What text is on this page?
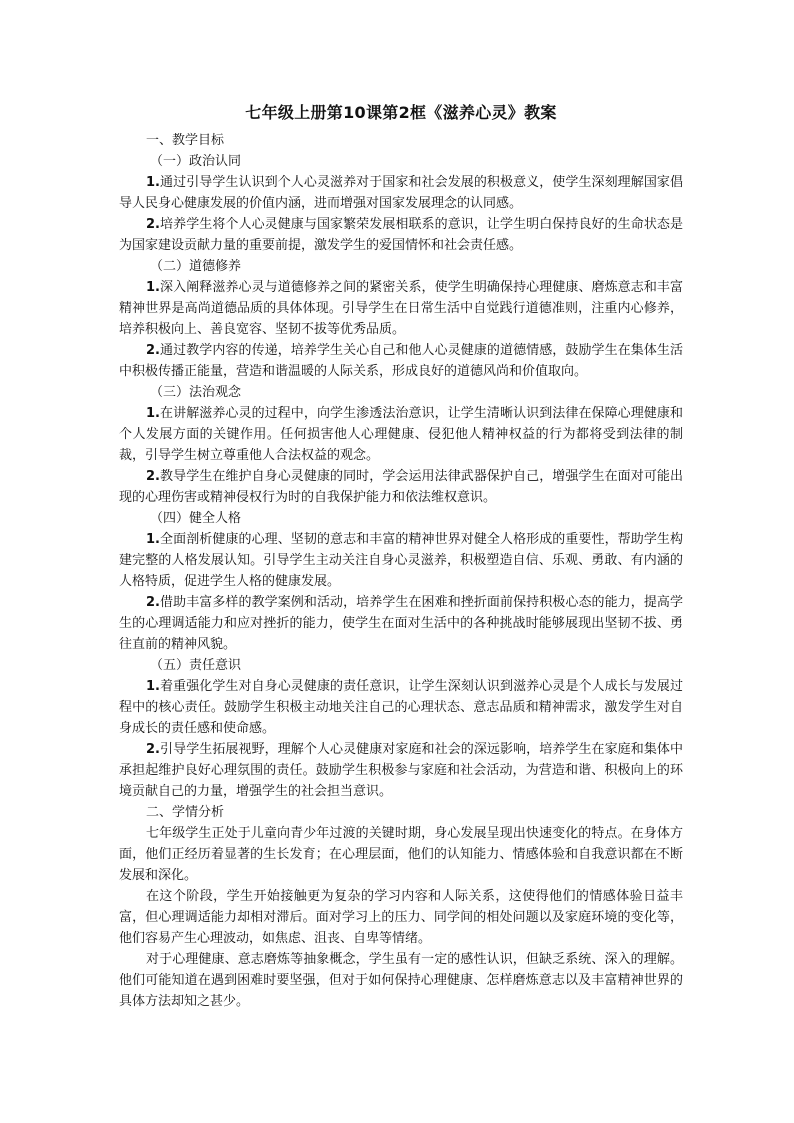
七年级上册第10课第2框《滋养心灵》教案
一、教学目标
（一）政治认同

1.通过引导学生认识到个人心灵滋养对于国家和社会发展的积极意义，使学生深刻理解国家倡导人民身心健康发展的价值内涵，进而增强对国家发展理念的认同感。

2.培养学生将个人心灵健康与国家繁荣发展相联系的意识，让学生明白保持良好的生命状态是为国家建设贡献力量的重要前提，激发学生的爱国情怀和社会责任感。

（二）道德修养

1.深入阐释滋养心灵与道德修养之间的紧密关系，使学生明确保持心理健康、磨炼意志和丰富精神世界是高尚道德品质的具体体现。引导学生在日常生活中自觉践行道德准则，注重内心修养，培养积极向上、善良宽容、坚韧不拔等优秀品质。

2.通过教学内容的传递，培养学生关心自己和他人心灵健康的道德情感，鼓励学生在集体生活中积极传播正能量，营造和谐温暖的人际关系，形成良好的道德风尚和价值取向。

（三）法治观念

1.在讲解滋养心灵的过程中，向学生渗透法治意识，让学生清晰认识到法律在保障心理健康和个人发展方面的关键作用。任何损害他人心理健康、侵犯他人精神权益的行为都将受到法律的制裁，引导学生树立尊重他人合法权益的观念。

2.教导学生在维护自身心灵健康的同时，学会运用法律武器保护自己，增强学生在面对可能出现的心理伤害或精神侵权行为时的自我保护能力和依法维权意识。

（四）健全人格

1.全面剖析健康的心理、坚韧的意志和丰富的精神世界对健全人格形成的重要性，帮助学生构建完整的人格发展认知。引导学生主动关注自身心灵滋养，积极塑造自信、乐观、勇敢、有内涵的人格特质，促进学生人格的健康发展。

2.借助丰富多样的教学案例和活动，培养学生在困难和挫折面前保持积极心态的能力，提高学生的心理调适能力和应对挫折的能力，使学生在面对生活中的各种挑战时能够展现出坚韧不拔、勇往直前的精神风貌。

（五）责任意识

1.着重强化学生对自身心灵健康的责任意识，让学生深刻认识到滋养心灵是个人成长与发展过程中的核心责任。鼓励学生积极主动地关注自己的心理状态、意志品质和精神需求，激发学生对自身成长的责任感和使命感。

2.引导学生拓展视野，理解个人心灵健康对家庭和社会的深远影响，培养学生在家庭和集体中承担起维护良好心理氛围的责任。鼓励学生积极参与家庭和社会活动，为营造和谐、积极向上的环境贡献自己的力量，增强学生的社会担当意识。

二、学情分析

七年级学生正处于儿童向青少年过渡的关键时期，身心发展呈现出快速变化的特点。在身体方面，他们正经历着显著的生长发育；在心理层面，他们的认知能力、情感体验和自我意识都在不断发展和深化。

在这个阶段，学生开始接触更为复杂的学习内容和人际关系，这使得他们的情感体验日益丰富，但心理调适能力却相对滞后。面对学习上的压力、同学间的相处问题以及家庭环境的变化等，他们容易产生心理波动，如焦虑、沮丧、自卑等情绪。

对于心理健康、意志磨炼等抽象概念，学生虽有一定的感性认识，但缺乏系统、深入的理解。他们可能知道在遇到困难时要坚强，但对于如何保持心理健康、怎样磨炼意志以及丰富精神世界的具体方法却知之甚少。
